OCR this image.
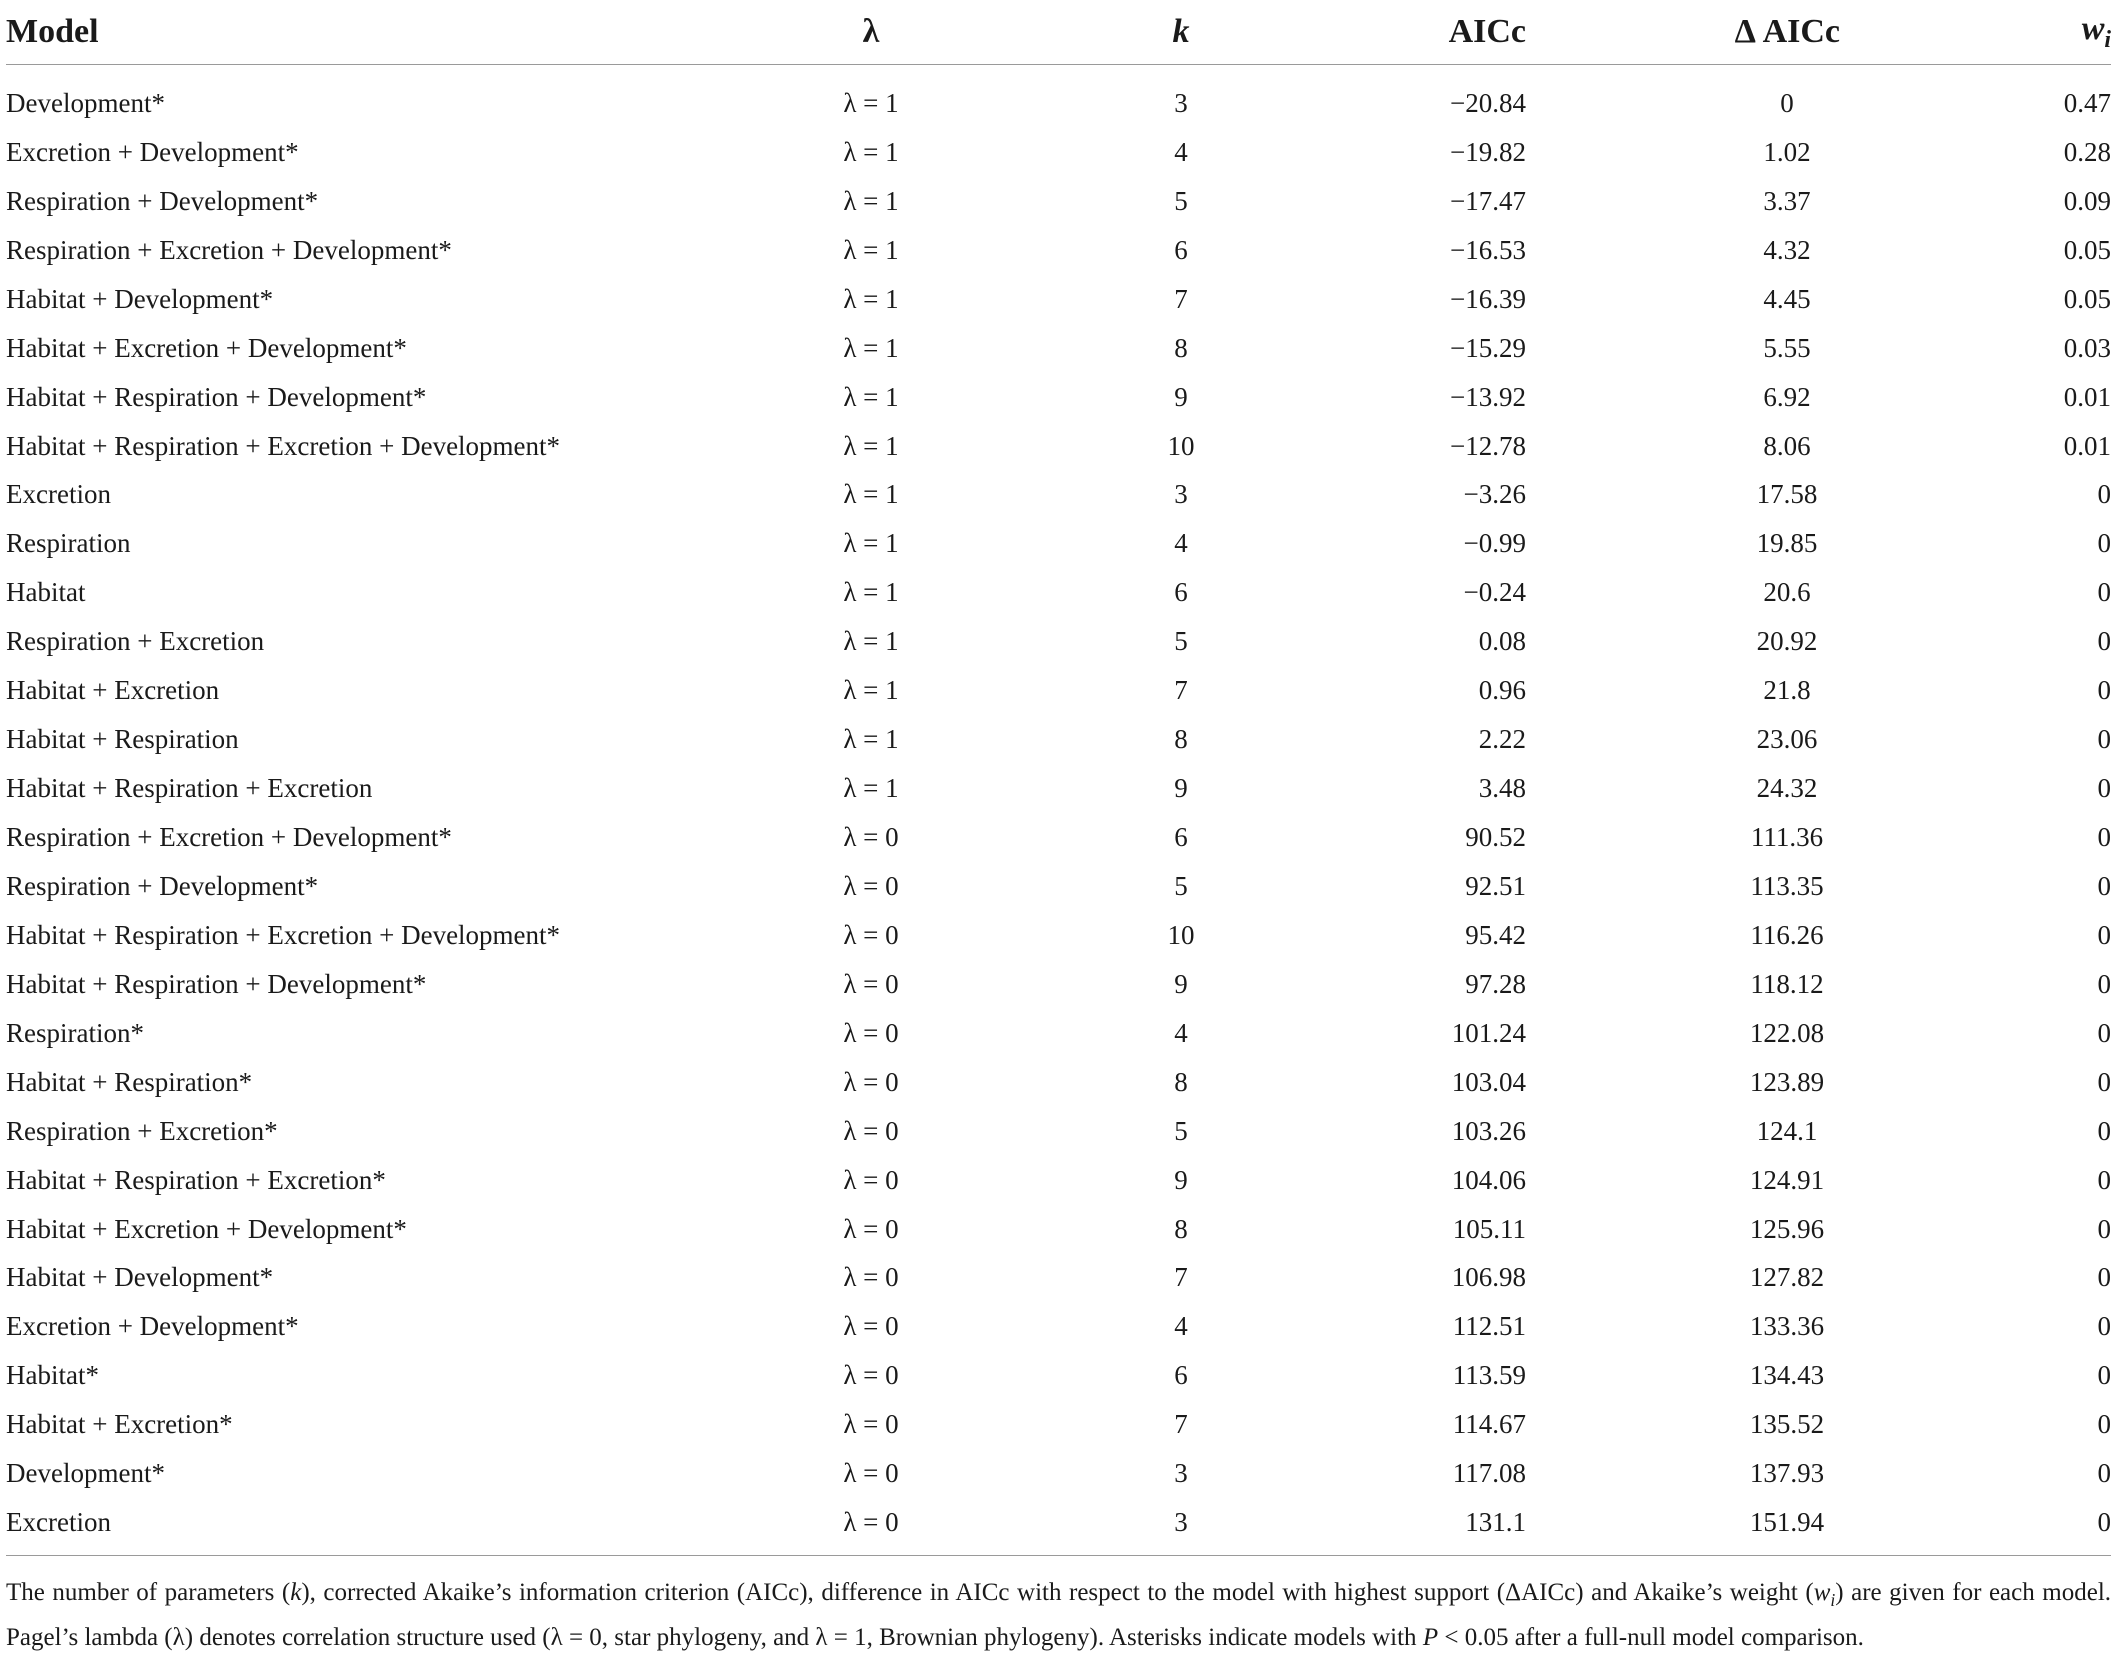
Model	λ	k	AICc	Δ AICc	$w_i$
Development*	λ = 1	3	−20.84	0	0.47
Excretion + Development*	λ = 1	4	−19.82	1.02	0.28
Respiration + Development*	λ = 1	5	−17.47	3.37	0.09
Respiration + Excretion + Development*	λ = 1	6	−16.53	4.32	0.05
Habitat + Development*	λ = 1	7	−16.39	4.45	0.05
Habitat + Excretion + Development*	λ = 1	8	−15.29	5.55	0.03
Habitat + Respiration + Development*	λ = 1	9	−13.92	6.92	0.01
Habitat + Respiration + Excretion + Development*	λ = 1	10	−12.78	8.06	0.01
Excretion	λ = 1	3	−3.26	17.58	0
Respiration	λ = 1	4	−0.99	19.85	0
Habitat	λ = 1	6	−0.24	20.6	0
Respiration + Excretion	λ = 1	5	0.08	20.92	0
Habitat + Excretion	λ = 1	7	0.96	21.8	0
Habitat + Respiration	λ = 1	8	2.22	23.06	0
Habitat + Respiration + Excretion	λ = 1	9	3.48	24.32	0
Respiration + Excretion + Development*	λ = 0	6	90.52	111.36	0
Respiration + Development*	λ = 0	5	92.51	113.35	0
Habitat + Respiration + Excretion + Development*	λ = 0	10	95.42	116.26	0
Habitat + Respiration + Development*	λ = 0	9	97.28	118.12	0
Respiration*	λ = 0	4	101.24	122.08	0
Habitat + Respiration*	λ = 0	8	103.04	123.89	0
Respiration + Excretion*	λ = 0	5	103.26	124.1	0
Habitat + Respiration + Excretion*	λ = 0	9	104.06	124.91	0
Habitat + Excretion + Development*	λ = 0	8	105.11	125.96	0
Habitat + Development*	λ = 0	7	106.98	127.82	0
Excretion + Development*	λ = 0	4	112.51	133.36	0
Habitat*	λ = 0	6	113.59	134.43	0
Habitat + Excretion*	λ = 0	7	114.67	135.52	0
Development*	λ = 0	3	117.08	137.93	0
Excretion	λ = 0	3	131.1	151.94	0
The number of parameters (k), corrected Akaike’s information criterion (AICc), difference in AICc with respect to the model with highest support (ΔAICc) and Akaike’s weight $(w_i)$ are given for each model. Pagel’s lambda (λ) denotes correlation structure used (λ = 0, star phylogeny, and λ = 1, Brownian phylogeny). Asterisks indicate models with P < 0.05 after a full-null model comparison.
